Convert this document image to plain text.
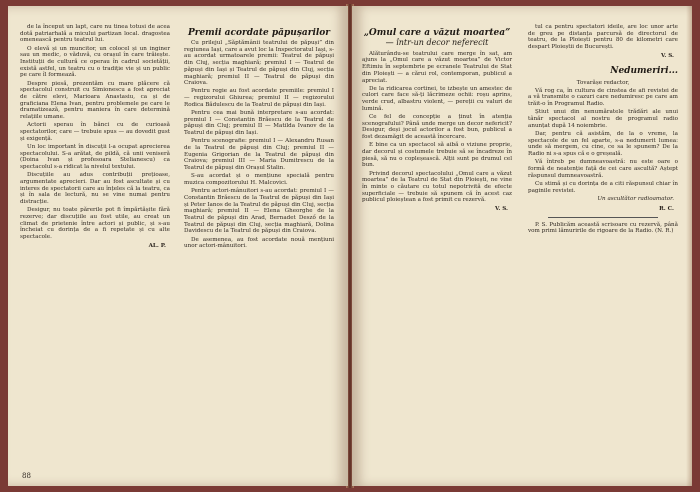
de la început un lapt, care nu tinea totusi de acea dotă patriarhală a micului partizan local. dragostea omenească pentru teatrul lui.

O elevă și un muncitor, un colocel și un inginer sau un medic, o văduvă, cu orașul în care trăiește. Instituții de cultură ce operau în cadrul societății, există astfel, un teatru cu o tradiție vie și un public pe care îl formează.

Despre piesă, prezentăm cu mare plăcere că spectacolul construit cu Simionescu a fost apreciat de către elevi, Marioara Anastasiu, ca și de graficiana Elena Ivan, pentru problemele pe care le dramatizează, pentru maniera în care determină relațiile umane.

Actorii sperau în bănci cu de curioasă spectatorilor, care — trebuie spus — au dovedit gust și exigență.

Un loc important în discuții l-a ocupat aprecierea spectacolului. S-a arătat, de pildă, că unii veniseră (Doina Ivan și profesoara Stelianescu) ca spectacolul s-a ridicat la nivelul textului.

Discuțiile au adus contribuții prețioase, argumentate aprecieri. Dar au fost ascultate și cu interes de spectatorii care au înțeles că la teatru, ca și în sala de lectură, nu se vine numai pentru distracție.

Desigur, nu toate părerile pot fi împărtășite fără rezerve; dar discuțiile au fost utile, au creat un climat de prietenie între actori și public, și s-au încheiat cu dorința de a fi repetate și cu alte spectacole.

AL. P.
Premii acordate păpușarilor

Cu prilejul „Săptămânii teatrului de păpuși” din regiunea Iași, care a avut loc la Inspectoratul Iași, s-au acordat urmatoarele premii: Teatrul de păpuși din Cluj, secția maghiară; premiul I — Teatrul de păpuși din Iași și Teatrul de păpuși din Cluj, secția maghiară; premiul II — Teatrul de păpuși din Craiova.

Pentru regie au fost acordate premiile: premiul I — regizorului Ghiurea; premiul II — regizorului Rodica Bădulescu de la Teatrul de păpuși din Iași.

Pentru cea mai bună interpretare s-au acordat: premiul I — Constantin Brăescu de la Teatrul de păpuși din Cluj; premiul II — Matilda Ivanov de la Teatrul de păpuși din Iași.

Pentru scenografie: premiul I — Alexandru Rusan de la Teatrul de păpuși din Cluj; premiul II — Eugenia Grigorian de la Teatrul de păpuși din Craiova; premiul III — Maria Dumitrescu de la Teatrul de păpuși din Orașul Stalin.

S-au acordat și o mențiune specială pentru muzica compozitorului H. Malcovici.

Pentru actori-mânuitori s-au acordat: premiul I — Constantin Brăescu de la Teatrul de păpuși din Iași și Peter Ianos de la Teatrul de păpuși din Cluj, secția maghiară; premiul II — Elena Gheorghe de la Teatrul de păpuși din Arad, Bernadet Desző de la Teatrul de păpuși din Cluj, secția maghiară, Dolina Davidescu de la Teatrul de păpuși din Craiova.

De asemenea, au fost acordate nouă mențiuni unor actori-mânuitori.

88
„Omul care a văzut moartea”
— într-un decor neferecit

Alăturându-se teatrului care merge în sat, am ajuns la „Omul care a văzut moartea” de Victor Eftimiu în septembrie pe ecranele Teatrului de Stat din Ploiești — a cărui rol, contemporan, publicul a apreciat.

De la ridicarea cortinei, te izbește un amestec de culori care face să-ți lăcrimeze ochii: roșu aprins, verde crud, albastru violent, — pereții cu valuri de lumină.

Ce fel de concepție a ținut în atenția scenografului? Până unde merge un decor nefericit? Desigur, deși jocul actorilor a fost bun, publicul a fost dezamăgit de această încercare.

E bine ca un spectacol să aibă o viziune proprie, dar decorul și costumele trebuie să se încadreze în piesă, să nu o copleșească. Alții sunt pe drumul cel bun.

Privind decorul spectacolului „Omul care a văzut moartea” de la Teatrul de Stat din Ploiești, ne vine în minte o căutare cu totul nepotrivită de efecte superficiale — trebuie să spunem că în acest caz publicul ploieștean a fost primit cu rezervă.

V. S.

tul ca pentru spectatori ideile, are loc unor arte de greu pe distanța parcursă de directorul de teatru, de la Ploiești pentru 80 de kilometri care despart Ploieștii de București.

V. S.
Nedumeriri...

Tovarășe redactor,

Vă rog ca, în cultura de cinstea de afi revistei de a vă transmite o cazuri care nedumiresc pe care am trăit-o în Programul Radio.

Știut unui din nenumăratele trădări ale unui tânăr spectacol al nostru de programul radio anunțat după 14 noiembrie.

Dar, pentru că asistăm, de la o vreme, la spectacole de un fel aparte, s-a nedumerit lumea: unde să mergem, cu cine, ce sa le spunem? De la Radio ni s-a spus că e o greșeală.

Vă întreb pe dumneavoastră: nu este oare o formă de neatenție față de cei care ascultă? Aștept răspunsul dumneavoastră.

Cu stimă și cu dorința de a citi răspunsul chiar în paginile revistei.

Un ascultător radioamator.
R. C.

P. S. Publicăm această scrisoare cu rezervă, până vom primi lămuririle de rigoare de la Radio. (N. R.)
